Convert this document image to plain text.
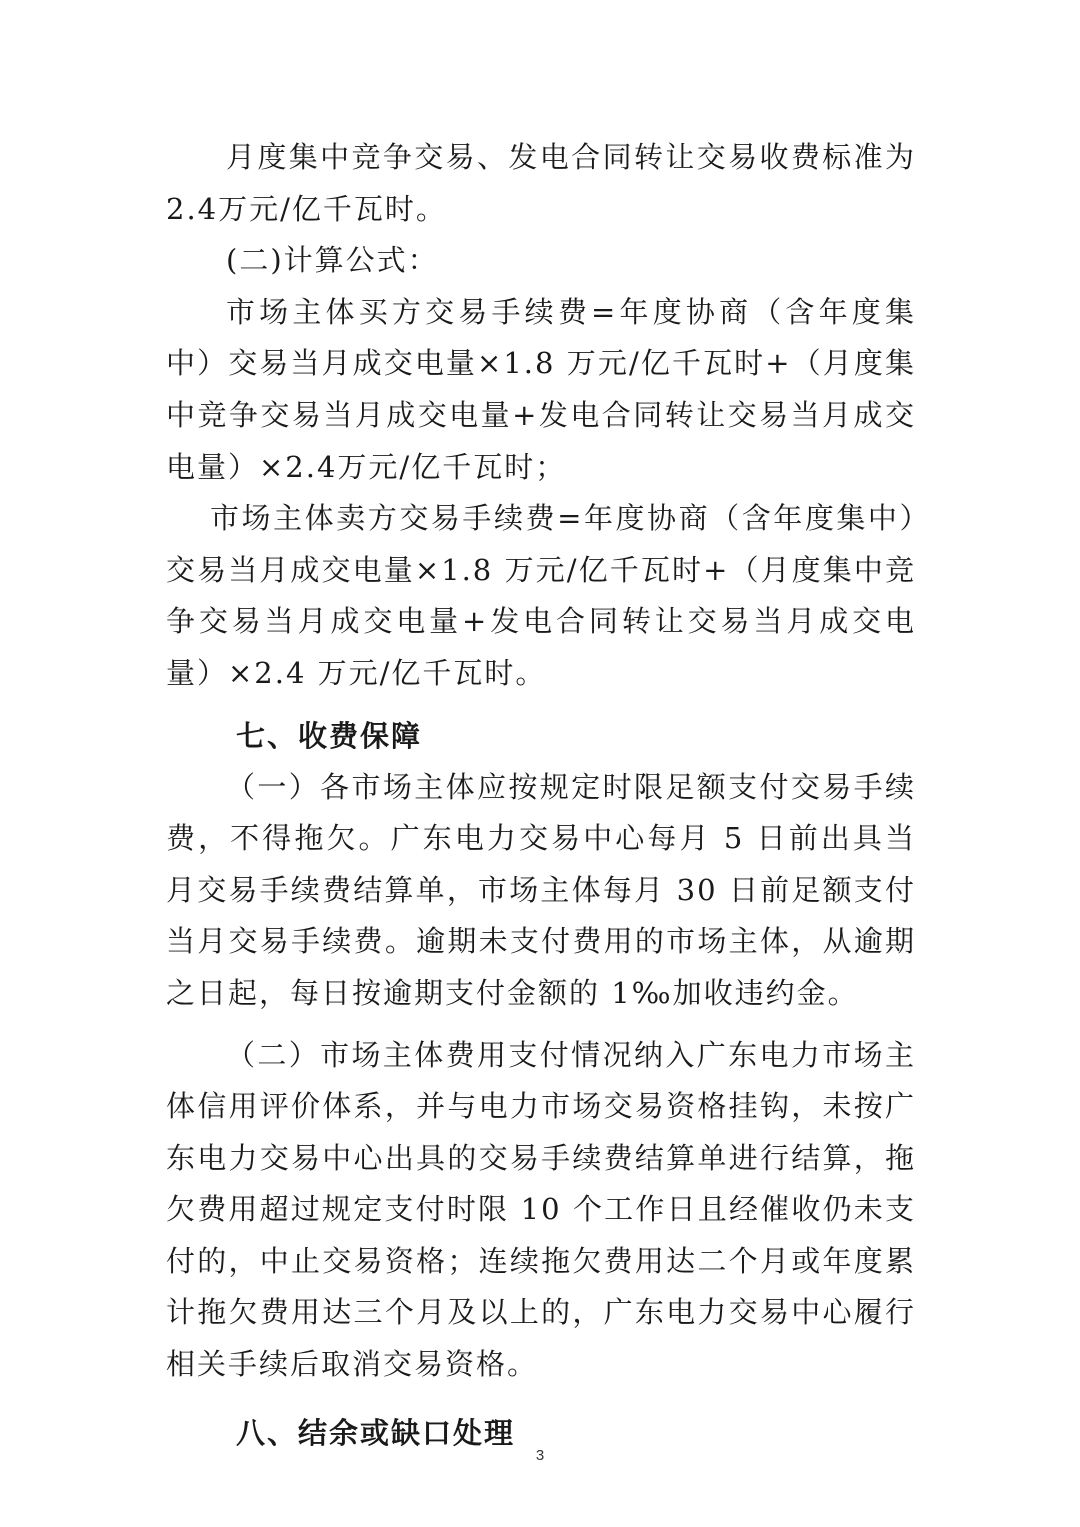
月度集中竞争交易、发电合同转让交易收费标准为 2.4万元/亿千瓦时。

(二)计算公式：

市场主体买方交易手续费=年度协商（含年度集中）交易当月成交电量×1.8 万元/亿千瓦时+（月度集中竞争交易当月成交电量+发电合同转让交易当月成交电量）×2.4万元/亿千瓦时；

市场主体卖方交易手续费=年度协商（含年度集中）交易当月成交电量×1.8 万元/亿千瓦时+（月度集中竞争交易当月成交电量+发电合同转让交易当月成交电量）×2.4 万元/亿千瓦时。

七、收费保障

（一）各市场主体应按规定时限足额支付交易手续费，不得拖欠。广东电力交易中心每月 5 日前出具当月交易手续费结算单，市场主体每月 30 日前足额支付当月交易手续费。逾期未支付费用的市场主体，从逾期之日起，每日按逾期支付金额的 1‰加收违约金。

（二）市场主体费用支付情况纳入广东电力市场主体信用评价体系，并与电力市场交易资格挂钩，未按广东电力交易中心出具的交易手续费结算单进行结算，拖欠费用超过规定支付时限 10 个工作日且经催收仍未支付的，中止交易资格；连续拖欠费用达二个月或年度累计拖欠费用达三个月及以上的，广东电力交易中心履行相关手续后取消交易资格。

八、结余或缺口处理
3
